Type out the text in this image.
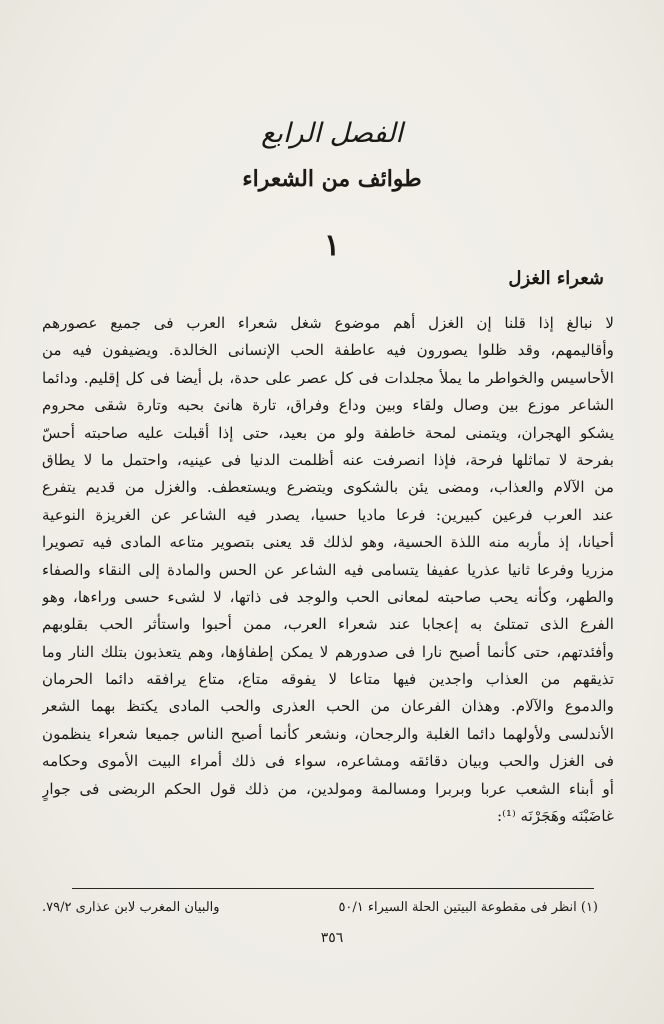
الفصل الرابع
طوائف من الشعراء
١
شعراء الغزل
لا نبالغ إذا قلنا إن الغزل أهم موضوع شغل شعراء العرب فى جميع عصورهم
وأقاليمهم، وقد ظلوا يصورون فيه عاطفة الحب الإنسانى الخالدة. ويضيفون فيه من
الأحاسيس والخواطر ما يملأ مجلدات فى كل عصر على حدة، بل أيضا فى كل إقليم. ودائما
الشاعر موزع بين وصال ولقاء وبين وداع وفراق، تارة هانئ بحبه وتارة شقى محروم
يشكو الهجران، ويتمنى لمحة خاطفة ولو من بعيد، حتى إذا أقبلت عليه صاحبته أحسّ
بفرحة لا تماثلها فرحة، فإذا انصرفت عنه أظلمت الدنيا فى عينيه، واحتمل ما لا يطاق
من الآلام والعذاب، ومضى يئن بالشكوى ويتضرع ويستعطف. والغزل من قديم يتفرع
عند العرب فرعين كبيرين: فرعا ماديا حسيا، يصدر فيه الشاعر عن الغريزة النوعية
أحيانا، إذ مأربه منه اللذة الحسية، وهو لذلك قد يعنى بتصوير متاعه المادى فيه تصويرا
مزريا وفرعا ثانيا عذريا عفيفا يتسامى فيه الشاعر عن الحس والمادة إلى النقاء والصفاء
والطهر، وكأنه يحب صاحبته لمعانى الحب والوجد فى ذاتها، لا لشىء حسى وراءها، وهو
الفرع الذى تمتلئ به إعجابا عند شعراء العرب، ممن أحبوا واستأثر الحب بقلوبهم
وأفئدتهم، حتى كأنما أصبح نارا فى صدورهم لا يمكن إطفاؤها، وهم يتعذبون بتلك النار وما
تذيقهم من العذاب واجدين فيها متاعا لا يفوقه متاع، متاع يرافقه دائما الحرمان
والدموع والآلام. وهذان الفرعان من الحب العذرى والحب المادى يكتظ بهما الشعر
الأندلسى ولأولهما دائما الغلبة والرجحان، ونشعر كأنما أصبح الناس جميعا شعراء ينظمون
فى الغزل والحب وبيان دقائقه ومشاعره، سواء فى ذلك أمراء البيت الأموى وحكامه
أو أبناء الشعب عربا وبربرا ومسالمة ومولدين، من ذلك قول الحكم الربضى فى جوارٍ
غاضَبْنَه وهَجَرْنَه ⁽¹⁾:
(١) انظر فى مقطوعة البيتين الحلة السيراء ٥٠/١
والبيان المغرب لابن عذارى ٧٩/٢.
٣٥٦
